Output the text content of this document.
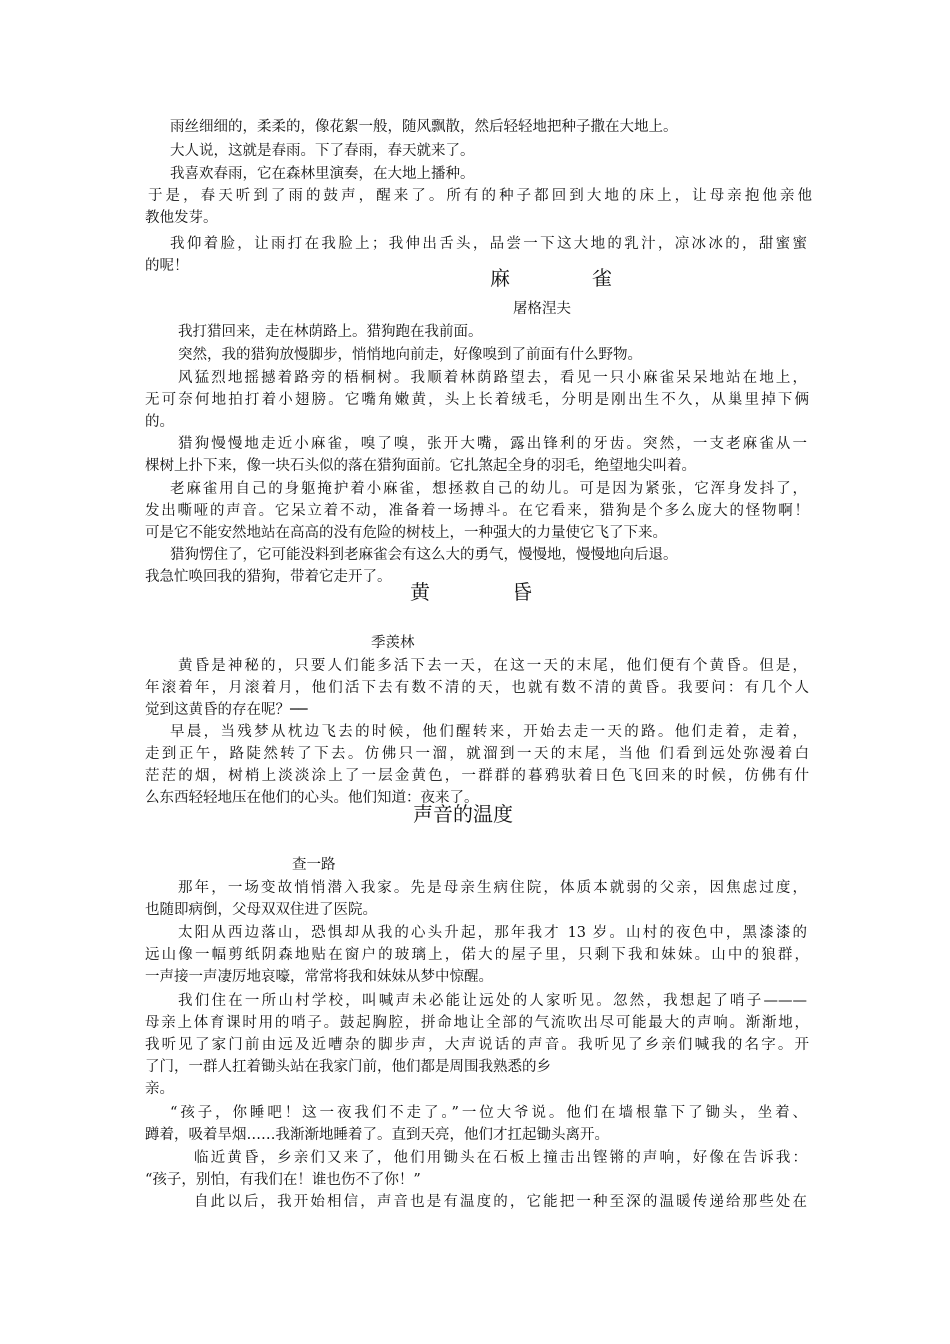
雨丝细细的，柔柔的，像花絮一般，随风飘散，然后轻轻地把种子撒在大地上。

大人说，这就是春雨。下了春雨，春天就来了。

我喜欢春雨，它在森林里演奏，在大地上播种。

于是，春天听到了雨的鼓声，醒来了。所有的种子都回到大地的床上，让母亲抱他亲他

教他发芽。

我仰着脸，让雨打在我脸上；我伸出舌头，品尝一下这大地的乳汁，凉冰冰的，甜蜜蜜

的呢！	麻	雀
屠格涅夫

我打猎回来，走在林荫路上。猎狗跑在我前面。

突然，我的猎狗放慢脚步，悄悄地向前走，好像嗅到了前面有什么野物。

风猛烈地摇撼着路旁的梧桐树。我顺着林荫路望去，看见一只小麻雀呆呆地站在地上，

无可奈何地拍打着小翅膀。它嘴角嫩黄，头上长着绒毛，分明是刚出生不久，从巢里掉下俩

的。

猎狗慢慢地走近小麻雀，嗅了嗅，张开大嘴，露出锋利的牙齿。突然，一支老麻雀从一

棵树上扑下来，像一块石头似的落在猎狗面前。它扎煞起全身的羽毛，绝望地尖叫着。

老麻雀用自己的身躯掩护着小麻雀，想拯救自己的幼儿。可是因为紧张，它浑身发抖了，

发出嘶哑的声音。它呆立着不动，准备着一场搏斗。在它看来，猎狗是个多么庞大的怪物啊！

可是它不能安然地站在高高的没有危险的树枝上，一种强大的力量使它飞了下来。

猎狗愣住了，它可能没料到老麻雀会有这么大的勇气，慢慢地，慢慢地向后退。

我急忙唤回我的猎狗，带着它走开了。

黄	昏
季羡林

黄昏是神秘的，只要人们能多活下去一天，在这一天的末尾，他们便有个黄昏。但是，

年滚着年，月滚着月，他们活下去有数不清的天，也就有数不清的黄昏。我要问：有几个人

觉到这黄昏的存在呢？──

早晨，当残梦从枕边飞去的时候，他们醒转来，开始去走一天的路。他们走着，走着，

走到正午，路陡然转了下去。仿佛只一溜，就溜到一天的末尾，当他 们看到远处弥漫着白

茫茫的烟，树梢上淡淡涂上了一层金黄色，一群群的暮鸦驮着日色飞回来的时候，仿佛有什

么东西轻轻地压在他们的心头。他们知道：夜来了。

声音的温度
查一路

那年，一场变故悄悄潜入我家。先是母亲生病住院，体质本就弱的父亲，因焦虑过度，

也随即病倒，父母双双住进了医院。

太阳从西边落山，恐惧却从我的心头升起，那年我才 13 岁。山村的夜色中，黑漆漆的

远山像一幅剪纸阴森地贴在窗户的玻璃上，偌大的屋子里，只剩下我和妹妹。山中的狼群，

一声接一声凄厉地哀嚎，常常将我和妹妹从梦中惊醒。

我们住在一所山村学校，叫喊声未必能让远处的人家听见。忽然，我想起了哨子———

母亲上体育课时用的哨子。鼓起胸腔，拼命地让全部的气流吹出尽可能最大的声响。渐渐地，

我听见了家门前由远及近嘈杂的脚步声，大声说话的声音。我听见了乡亲们喊我的名字。开

了门，一群人扛着锄头站在我家门前，他们都是周围我熟悉的乡

亲。

“孩子，你睡吧！这一夜我们不走了。”一位大爷说。他们在墙根靠下了锄头，坐着、

蹲着，吸着旱烟……我渐渐地睡着了。直到天亮，他们才扛起锄头离开。

临近黄昏，乡亲们又来了，他们用锄头在石板上撞击出铿锵的声响，好像在告诉我：

“孩子，别怕，有我们在！谁也伤不了你！”

自此以后，我开始相信，声音也是有温度的，它能把一种至深的温暖传递给那些处在
